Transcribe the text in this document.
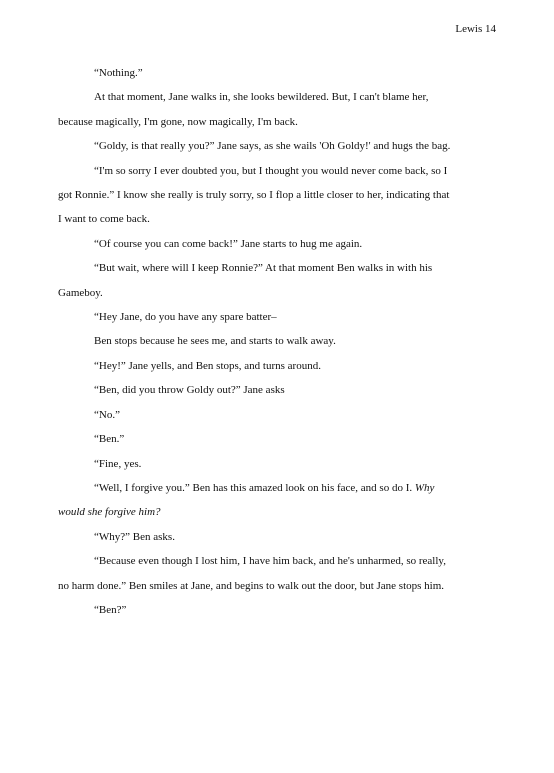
Lewis 14

“Nothing.”

At that moment, Jane walks in, she looks bewildered. But, I can't blame her,

because magically, I'm gone, now magically, I'm back.

“Goldy, is that really you?” Jane says, as she wails 'Oh Goldy!' and hugs the bag.

“I'm so sorry I ever doubted you, but I thought you would never come back, so I

got Ronnie.” I know she really is truly sorry, so I flop a little closer to her, indicating that

I want to come back.

“Of course you can come back!” Jane starts to hug me again.

“But wait, where will I keep Ronnie?” At that moment Ben walks in with his

Gameboy.

“Hey Jane, do you have any spare batter–

Ben stops because he sees me, and starts to walk away.

“Hey!” Jane yells, and Ben stops, and turns around.

“Ben, did you throw Goldy out?” Jane asks

“No.”

“Ben.”

“Fine, yes.

“Well, I forgive you.” Ben has this amazed look on his face, and so do I. Why

would she forgive him?

“Why?” Ben asks.

“Because even though I lost him, I have him back, and he's unharmed, so really,

no harm done.” Ben smiles at Jane, and begins to walk out the door, but Jane stops him.

“Ben?”
